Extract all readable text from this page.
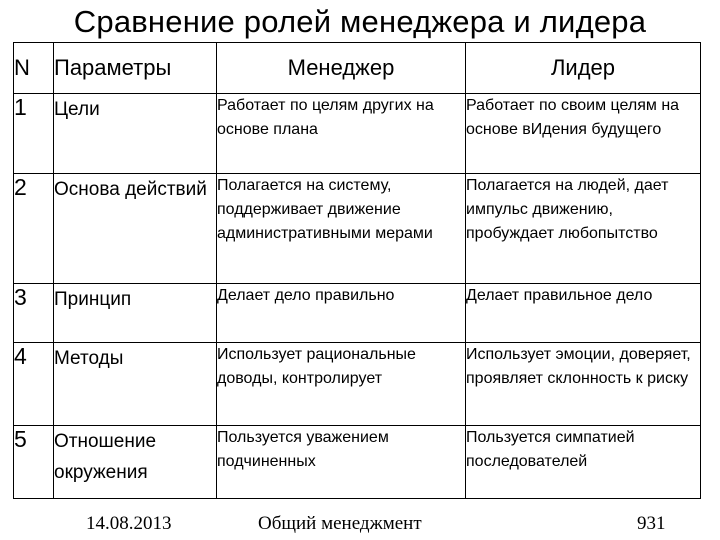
Сравнение ролей менеджера и лидера
N	Параметры	Менеджер	Лидер
1	Цели	Работает по целям других на основе плана	Работает по своим целям на основе вИдения будущего
2	Основа действий	Полагается на систему, поддерживает движение административными мерами	Полагается на людей, дает импульс движению, пробуждает любопытство
3	Принцип	Делает дело правильно	Делает правильное дело
4	Методы	Использует рациональные доводы, контролирует	Использует эмоции, доверяет, проявляет склонность к риску
5	Отношение окружения	Пользуется уважением подчиненных	Пользуется симпатией последователей
14.08.2013	Общий менеджмент	931
